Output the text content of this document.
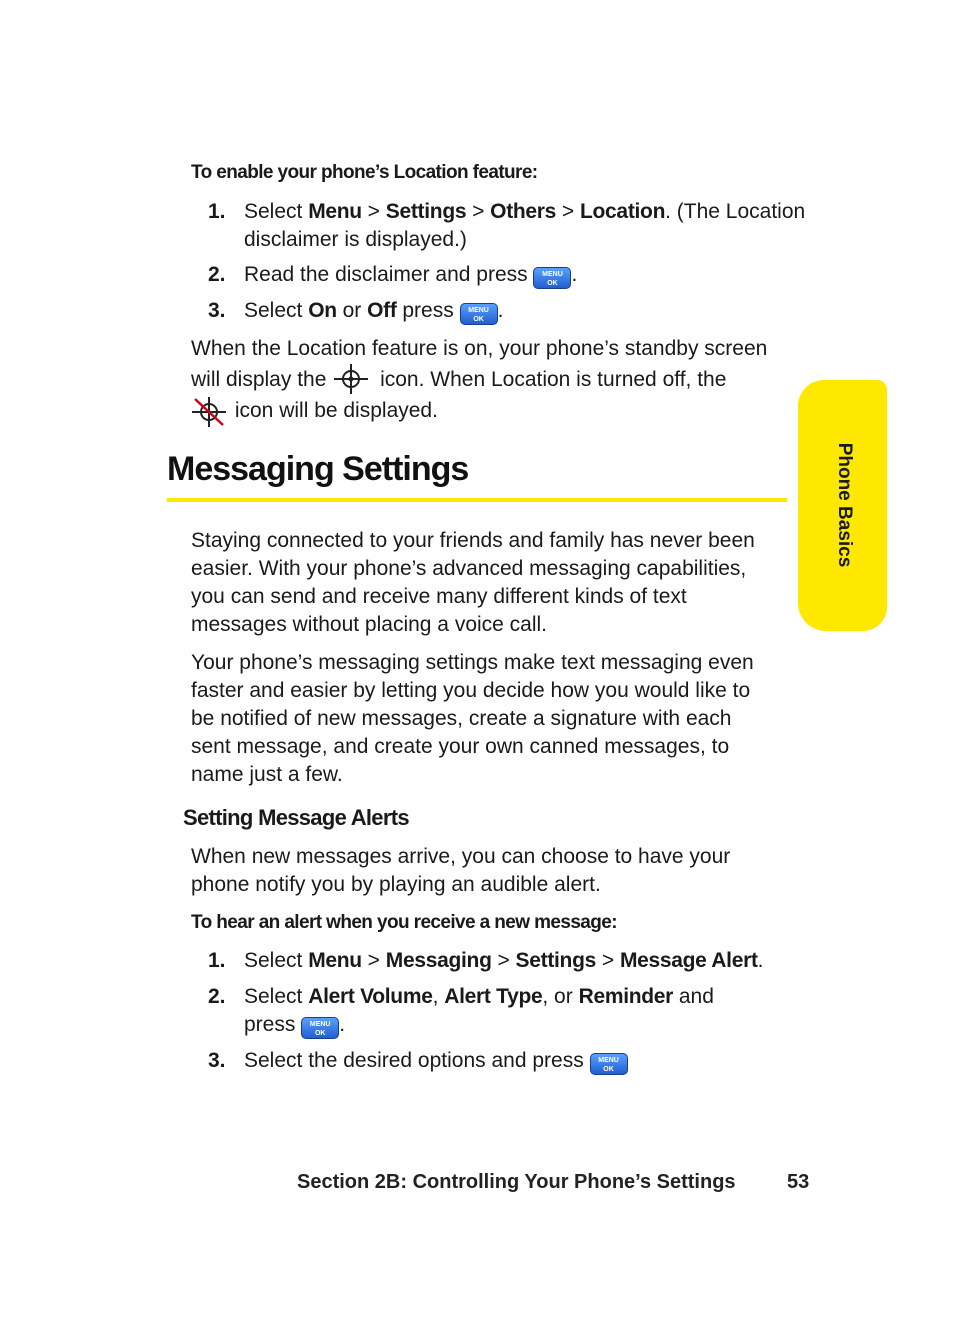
Phone Basics
To enable your phone’s Location feature:
1. Select Menu > Settings > Others > Location. (The Location
disclaimer is displayed.)
2. Read the disclaimer and press	MENU
OK .
3. Select On or Off press	MENU
OK .
When the Location feature is on, your phone’s standby screen
will display the  icon. When Location is turned off, the
icon will be displayed.
Messaging Settings
Staying connected to your friends and family has never been
easier. With your phone’s advanced messaging capabilities,
you can send and receive many different kinds of text
messages without placing a voice call.
Your phone’s messaging settings make text messaging even
faster and easier by letting you decide how you would like to
be notified of new messages, create a signature with each
sent message, and create your own canned messages, to
name just a few.
Setting Message Alerts
When new messages arrive, you can choose to have your
phone notify you by playing an audible alert.
To hear an alert when you receive a new message:
1. Select Menu > Messaging > Settings > Message Alert.
2. Select Alert Volume, Alert Type, or Reminder and
press	MENU
OK .
3. Select the desired options and press	MENU
OK
Section 2B: Controlling Your Phone’s Settings	53
